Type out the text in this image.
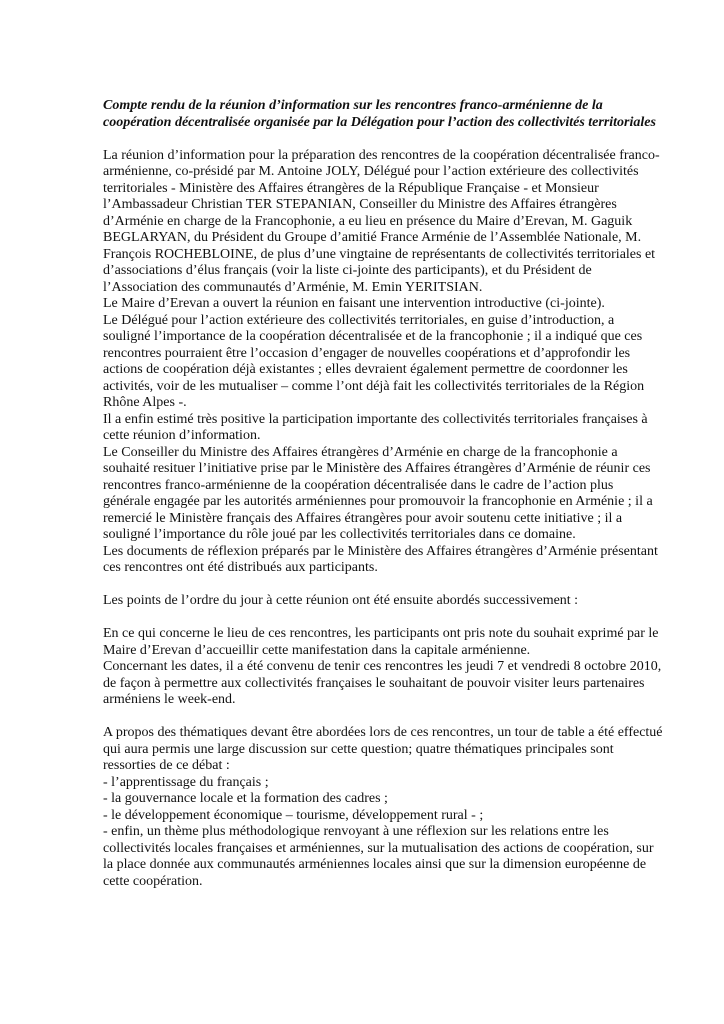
Compte rendu de la réunion d’information sur les rencontres franco-arménienne de la coopération décentralisée organisée par la Délégation pour l’action des collectivités territoriales

La réunion d’information pour la préparation des rencontres de la coopération décentralisée franco-arménienne, co-présidé par M. Antoine JOLY, Délégué pour l’action extérieure des collectivités territoriales - Ministère des Affaires étrangères de la République Française - et Monsieur l’Ambassadeur Christian TER STEPANIAN, Conseiller du Ministre des Affaires étrangères d’Arménie en charge de la Francophonie, a eu lieu en présence du Maire d’Erevan, M. Gaguik BEGLARYAN, du Président du Groupe d’amitié France Arménie de l’Assemblée Nationale, M. François ROCHEBLOINE, de plus d’une vingtaine de représentants de collectivités territoriales et d’associations d’élus français (voir la liste ci-jointe des participants), et du Président de l’Association des communautés d’Arménie, M. Emin YERITSIAN.

Le Maire d’Erevan a ouvert la réunion en faisant une intervention introductive (ci-jointe).

Le Délégué pour l’action extérieure des collectivités territoriales, en guise d’introduction, a souligné l’importance de la coopération décentralisée et de la francophonie ; il a indiqué que ces rencontres pourraient être l’occasion d’engager de nouvelles coopérations et d’approfondir les actions de coopération déjà existantes ; elles devraient également permettre de coordonner les activités, voir de les mutualiser – comme l’ont déjà fait les collectivités territoriales de la Région Rhône Alpes -.

Il a enfin estimé très positive la participation importante des collectivités territoriales françaises à cette réunion d’information.

Le Conseiller du Ministre des Affaires étrangères d’Arménie en charge de la francophonie a souhaité resituer l’initiative prise par le Ministère des Affaires étrangères d’Arménie de réunir ces rencontres franco-arménienne de la coopération décentralisée dans le cadre de l’action plus générale engagée par les autorités arméniennes pour promouvoir la francophonie en Arménie ; il a remercié le Ministère français des Affaires étrangères pour avoir soutenu cette initiative ; il a souligné l’importance du rôle joué par les collectivités territoriales dans ce domaine.

Les documents de réflexion préparés par le Ministère des Affaires étrangères d’Arménie présentant ces rencontres ont été distribués aux participants.

Les points de l’ordre du jour à cette réunion ont été ensuite abordés successivement :

En ce qui concerne le lieu de ces rencontres, les participants ont pris note du souhait exprimé par le Maire d’Erevan d’accueillir cette manifestation dans la capitale arménienne.

Concernant les dates, il a été convenu de tenir ces rencontres les jeudi 7 et vendredi 8 octobre 2010, de façon à permettre aux collectivités françaises le souhaitant de pouvoir visiter leurs partenaires arméniens le week-end.

A propos des thématiques devant être abordées lors de ces rencontres, un tour de table a été effectué qui aura permis une large discussion sur cette question; quatre thématiques principales sont ressorties de ce débat :

- l’apprentissage du français ;

- la gouvernance locale et la formation des cadres ;

- le développement économique – tourisme, développement rural - ;

- enfin, un thème plus méthodologique renvoyant à une réflexion sur les relations entre les collectivités locales françaises et arméniennes, sur la mutualisation des actions de coopération, sur la place donnée aux communautés arméniennes locales ainsi que sur la dimension européenne de cette coopération.
